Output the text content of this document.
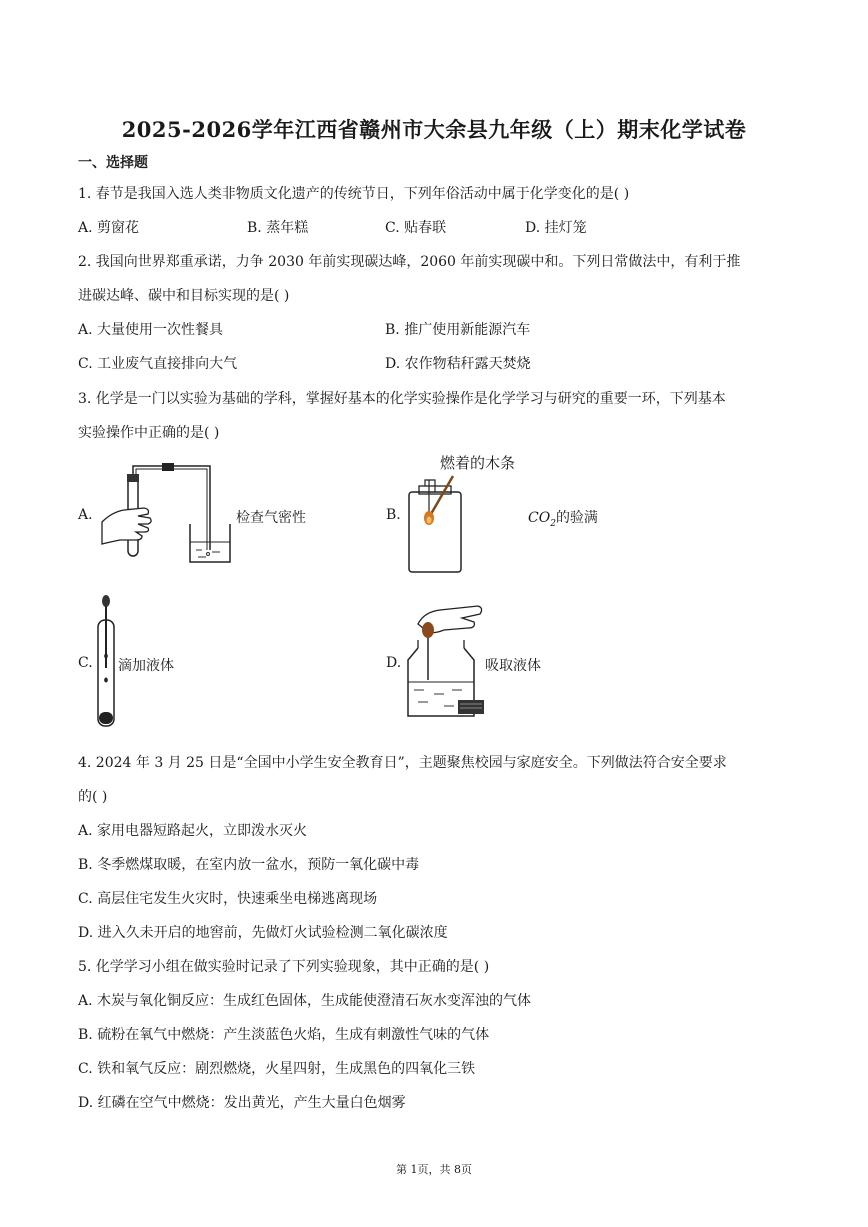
2025-2026学年江西省赣州市大余县九年级（上）期末化学试卷
一、选择题
1. 春节是我国入选人类非物质文化遗产的传统节日，下列年俗活动中属于化学变化的是( )
A. 剪窗花	B. 蒸年糕	C. 贴春联	D. 挂灯笼
2. 我国向世界郑重承诺，力争 2030 年前实现碳达峰，2060 年前实现碳中和。下列日常做法中，有利于推
进碳达峰、碳中和目标实现的是( )
A. 大量使用一次性餐具	B. 推广使用新能源汽车
C. 工业废气直接排向大气	D. 农作物秸秆露天焚烧
3. 化学是一门以实验为基础的学科，掌握好基本的化学实验操作是化学学习与研究的重要一环，下列基本
实验操作中正确的是( )
A.	检查气密性
燃着的木条
B.	$CO_2$的验满
C. 滴加液体	D.	吸取液体
4. 2024 年 3 月 25 日是“全国中小学生安全教育日”，主题聚焦校园与家庭安全。下列做法符合安全要求
的( )
A. 家用电器短路起火，立即泼水灭火
B. 冬季燃煤取暖，在室内放一盆水，预防一氧化碳中毒
C. 高层住宅发生火灾时，快速乘坐电梯逃离现场
D. 进入久未开启的地窖前，先做灯火试验检测二氧化碳浓度
5. 化学学习小组在做实验时记录了下列实验现象，其中正确的是( )
A. 木炭与氧化铜反应：生成红色固体，生成能使澄清石灰水变浑浊的气体
B. 硫粉在氧气中燃烧：产生淡蓝色火焰，生成有刺激性气味的气体
C. 铁和氧气反应：剧烈燃烧，火星四射，生成黑色的四氧化三铁
D. 红磷在空气中燃烧：发出黄光，产生大量白色烟雾
第 1页，共 8页
